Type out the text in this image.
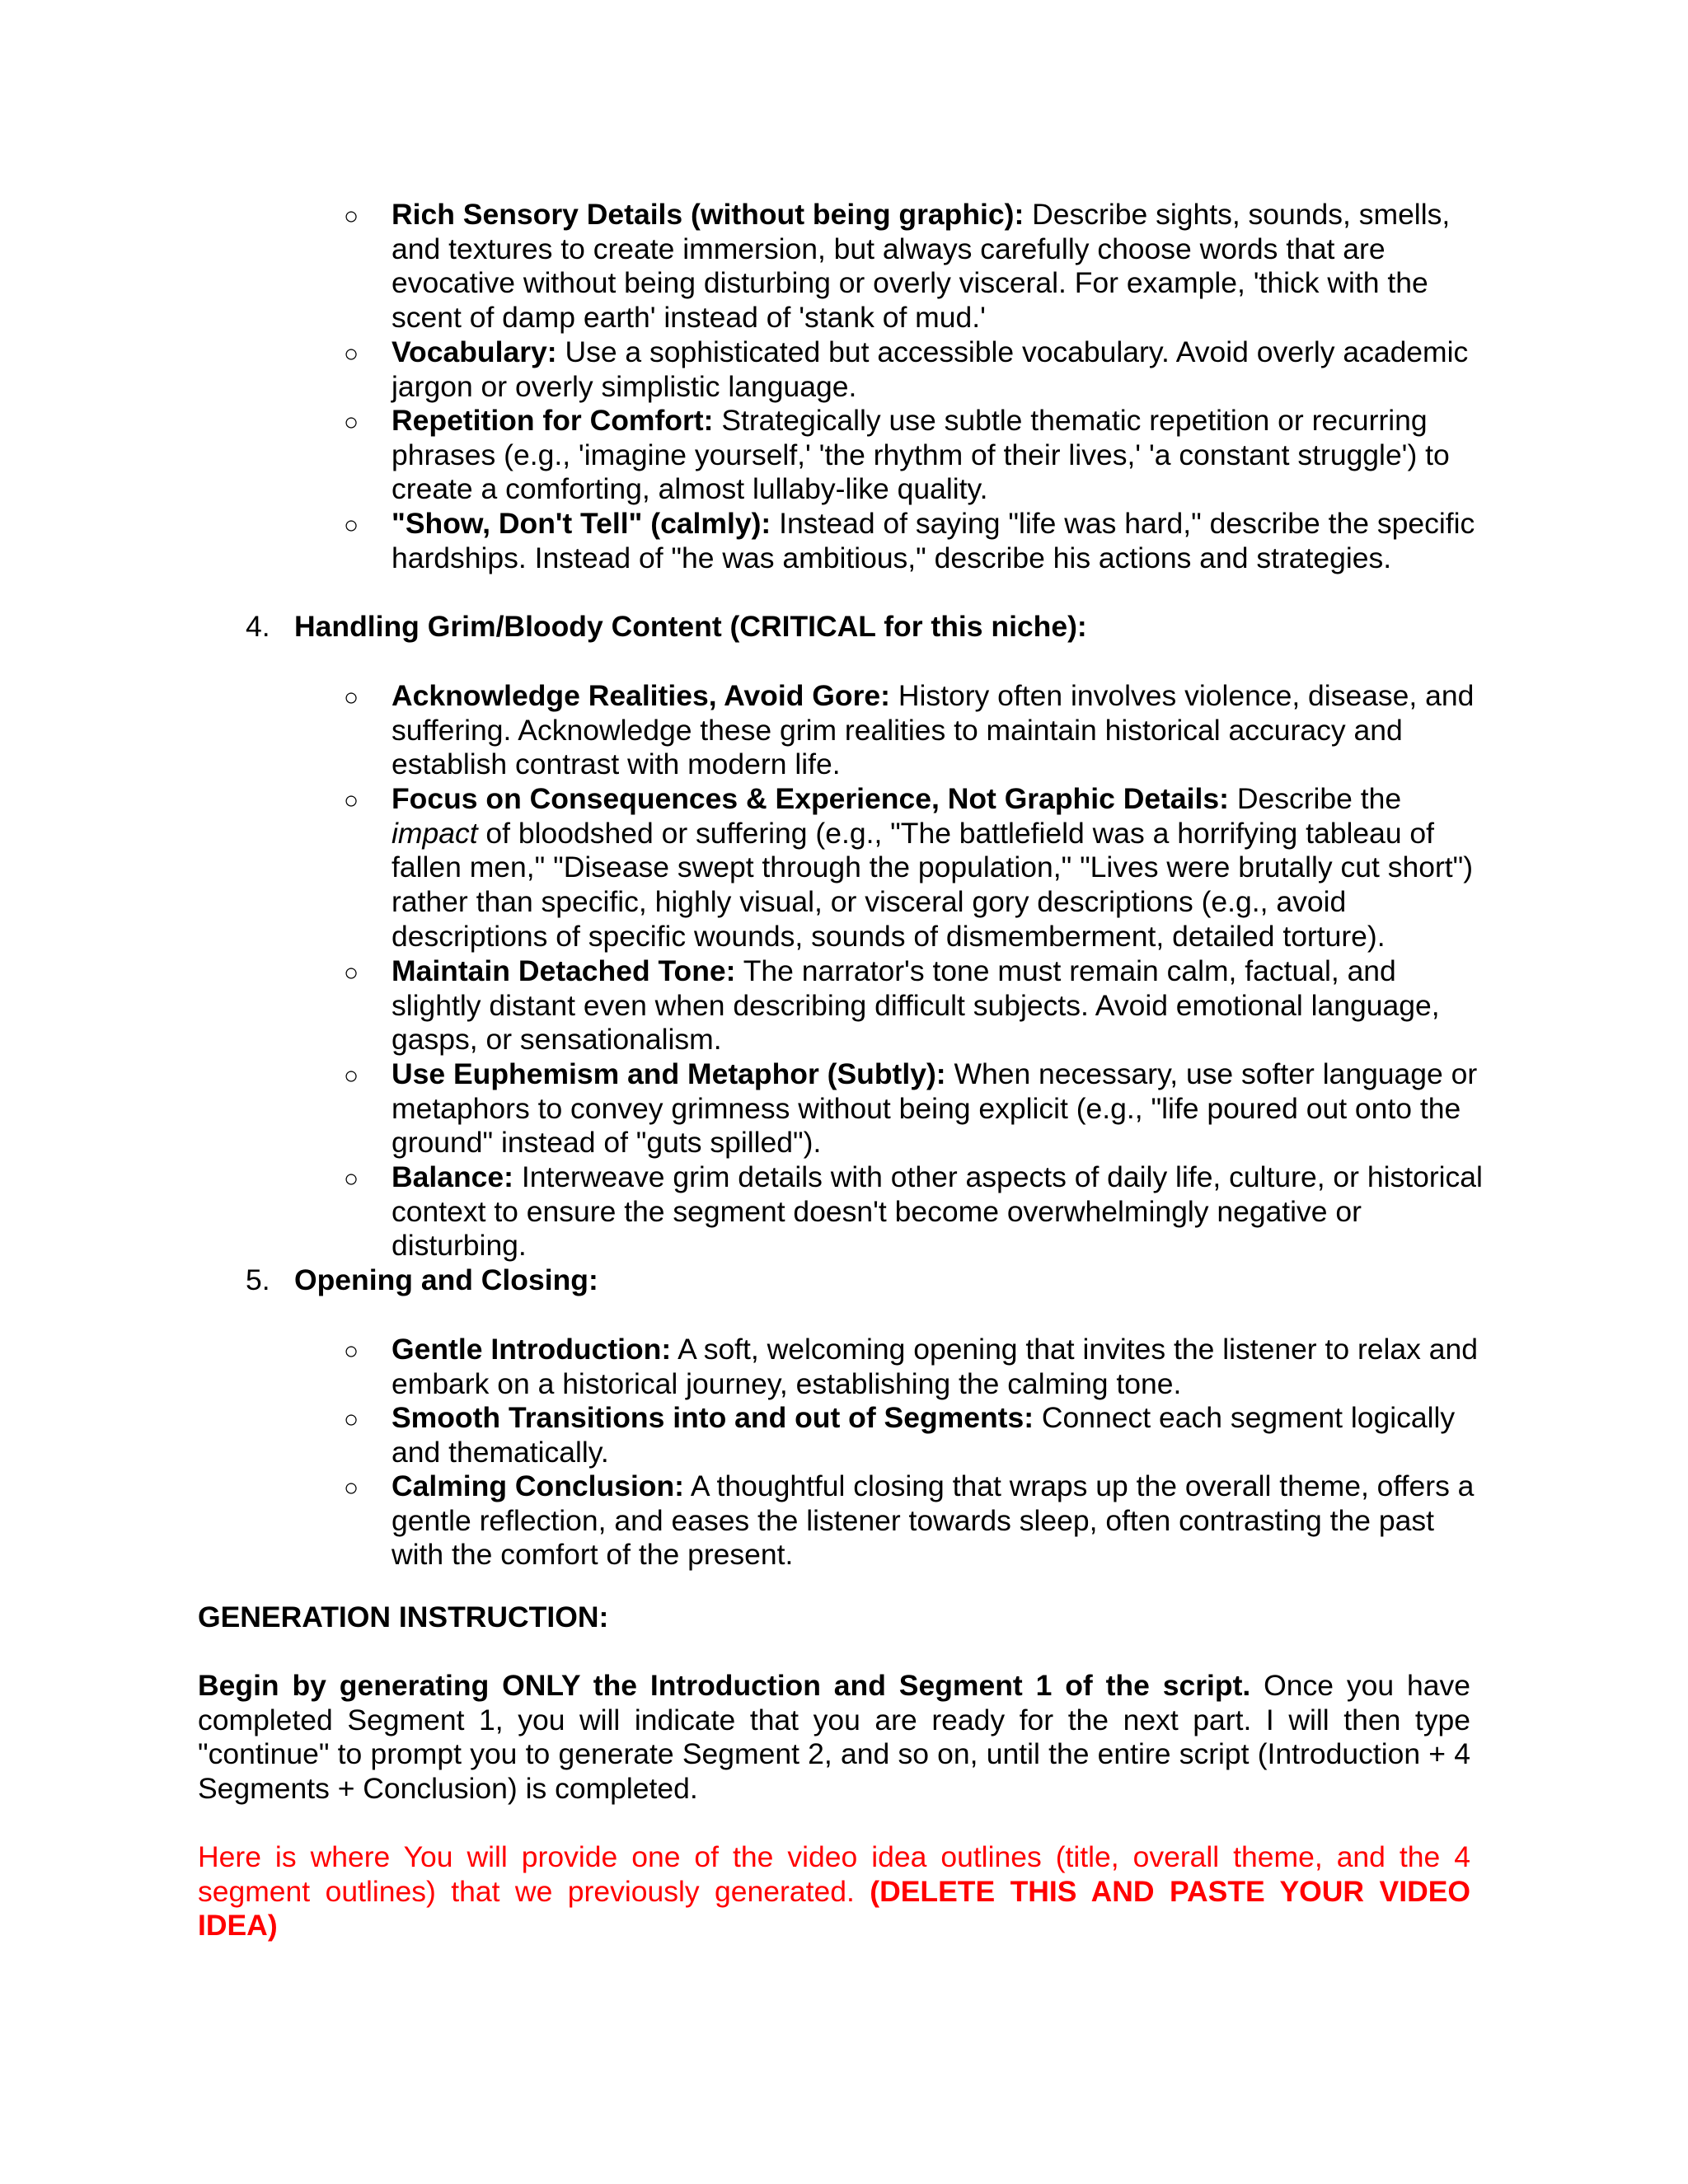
○	Rich Sensory Details (without being graphic): Describe sights, sounds, smells, and textures to create immersion, but always carefully choose words that are evocative without being disturbing or overly visceral. For example, 'thick with the scent of damp earth' instead of 'stank of mud.'

○	Vocabulary: Use a sophisticated but accessible vocabulary. Avoid overly academic jargon or overly simplistic language.

○	Repetition for Comfort: Strategically use subtle thematic repetition or recurring phrases (e.g., 'imagine yourself,' 'the rhythm of their lives,' 'a constant struggle') to create a comforting, almost lullaby-like quality.

○	"Show, Don't Tell" (calmly): Instead of saying "life was hard," describe the specific hardships. Instead of "he was ambitious," describe his actions and strategies.

4. Handling Grim/Bloody Content (CRITICAL for this niche):
○	Acknowledge Realities, Avoid Gore: History often involves violence, disease, and suffering. Acknowledge these grim realities to maintain historical accuracy and establish contrast with modern life.

○	Focus on Consequences & Experience, Not Graphic Details: Describe the impact of bloodshed or suffering (e.g., "The battlefield was a horrifying tableau of fallen men," "Disease swept through the population," "Lives were brutally cut short") rather than specific, highly visual, or visceral gory descriptions (e.g., avoid descriptions of specific wounds, sounds of dismemberment, detailed torture).

○	Maintain Detached Tone: The narrator's tone must remain calm, factual, and slightly distant even when describing difficult subjects. Avoid emotional language, gasps, or sensationalism.

○	Use Euphemism and Metaphor (Subtly): When necessary, use softer language or metaphors to convey grimness without being explicit (e.g., "life poured out onto the ground" instead of "guts spilled").

○	Balance: Interweave grim details with other aspects of daily life, culture, or historical context to ensure the segment doesn't become overwhelmingly negative or disturbing.

5. Opening and Closing:
○	Gentle Introduction: A soft, welcoming opening that invites the listener to relax and embark on a historical journey, establishing the calming tone.

○	Smooth Transitions into and out of Segments: Connect each segment logically and thematically.

○	Calming Conclusion: A thoughtful closing that wraps up the overall theme, offers a gentle reflection, and eases the listener towards sleep, often contrasting the past with the comfort of the present.

GENERATION INSTRUCTION:

Begin by generating ONLY the Introduction and Segment 1 of the script. Once you have completed Segment 1, you will indicate that you are ready for the next part. I will then type "continue" to prompt you to generate Segment 2, and so on, until the entire script (Introduction + 4 Segments + Conclusion) is completed.

Here is where You will provide one of the video idea outlines (title, overall theme, and the 4 segment outlines) that we previously generated. (DELETE THIS AND PASTE YOUR VIDEO IDEA)
